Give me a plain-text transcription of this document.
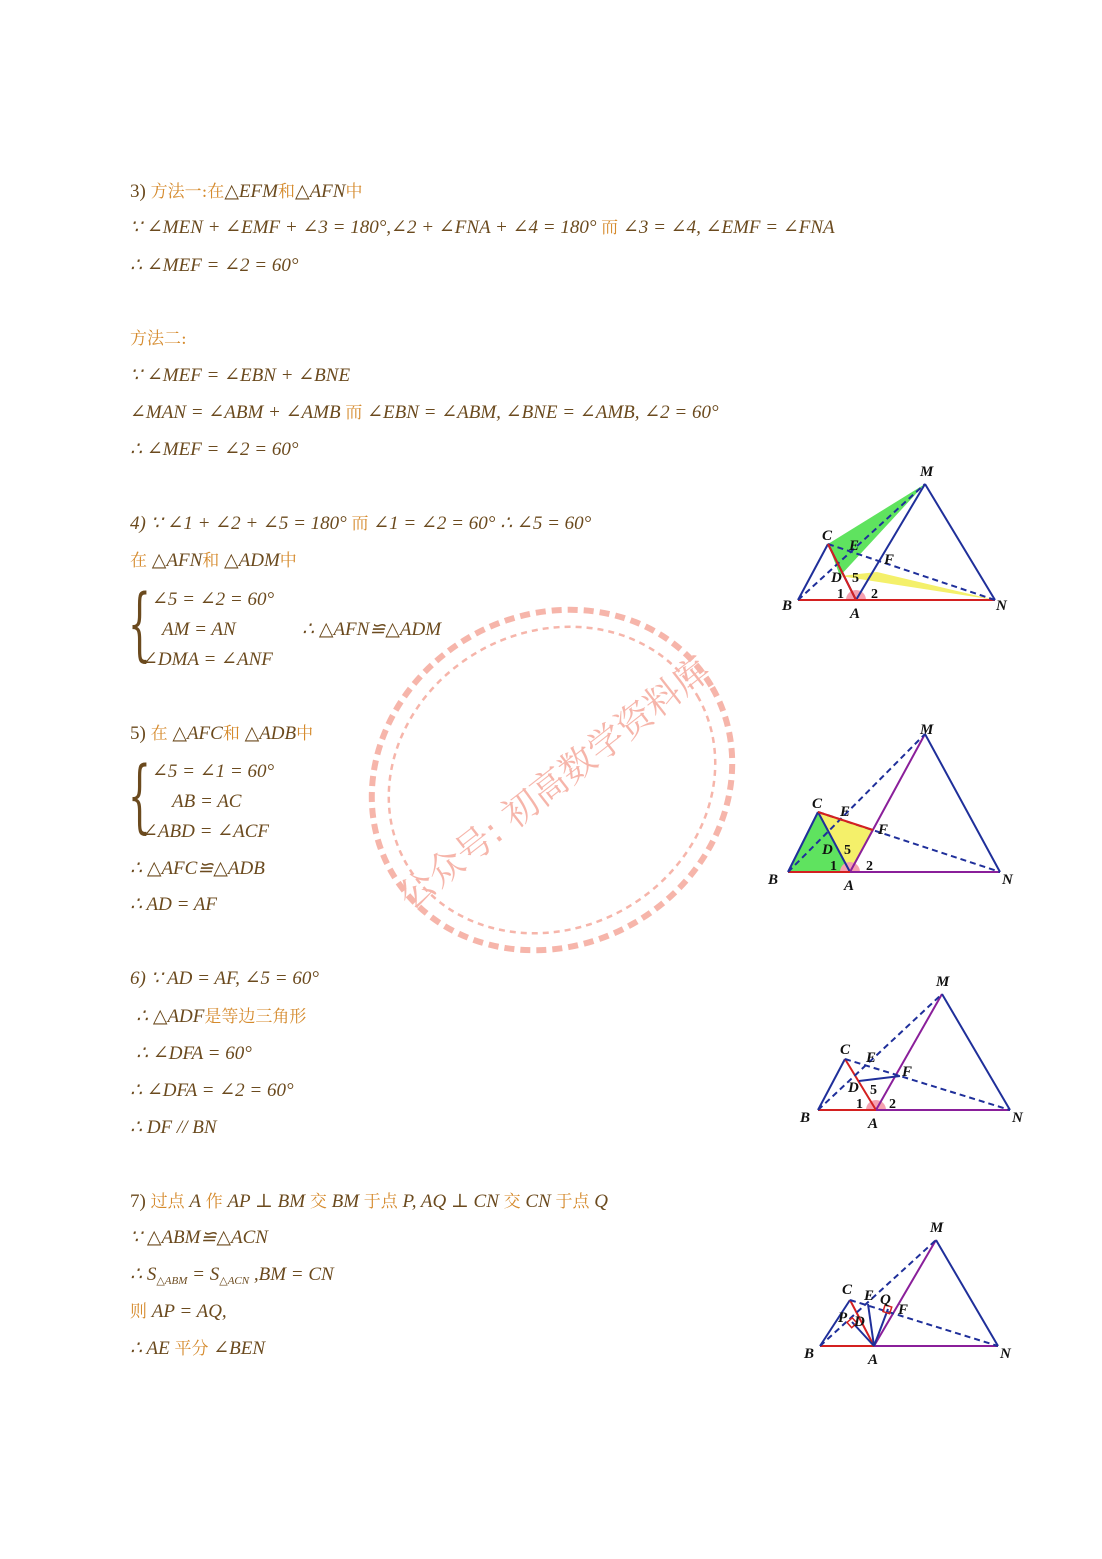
3) 方法一:在△EFM和△AFN中
∵ ∠MEN + ∠EMF + ∠3 = 180°,∠2 + ∠FNA + ∠4 = 180° 而 ∠3 = ∠4, ∠EMF = ∠FNA
∴ ∠MEF = ∠2 = 60°
方法二:
∵ ∠MEF = ∠EBN + ∠BNE
∠MAN = ∠ABM + ∠AMB 而 ∠EBN = ∠ABM, ∠BNE = ∠AMB, ∠2 = 60°
∴ ∠MEF = ∠2 = 60°
4) ∵ ∠1 + ∠2 + ∠5 = 180° 而 ∠1 = ∠2 = 60° ∴ ∠5 = 60°
在 △AFN和 △ADM中
{ ∠5 = ∠2 = 60°
AM = AN	∴ △AFN≌△ADM
∠DMA = ∠ANF
5) 在 △AFC和 △ADB中
{ ∠5 = ∠1 = 60°
AB = AC
∠ABD = ∠ACF
∴ △AFC≌△ADB
∴ AD = AF
6) ∵ AD = AF, ∠5 = 60°
∴ △ADF是等边三角形
∴ ∠DFA = 60°
∴ ∠DFA = ∠2 = 60°
∴ DF // BN
7) 过点 A 作 AP ⊥ BM 交 BM 于点 P, AQ ⊥ CN 交 CN 于点 Q
∵ △ABM≌△ACN
∴ $S_{\triangle ABM} = S_{\triangle ACN}$ ,BM = CN
则 AP = AQ,
∴ AE 平分 ∠BEN
M
C
E
F
D 5
1 2
B	A	N
M
C E
F
D 5
1 2
B	A	N
M
C E
F
D 5
1 2
B	A	N
M
C E Q
F
P D
B	A	N
公众号: 初高数学资料库
